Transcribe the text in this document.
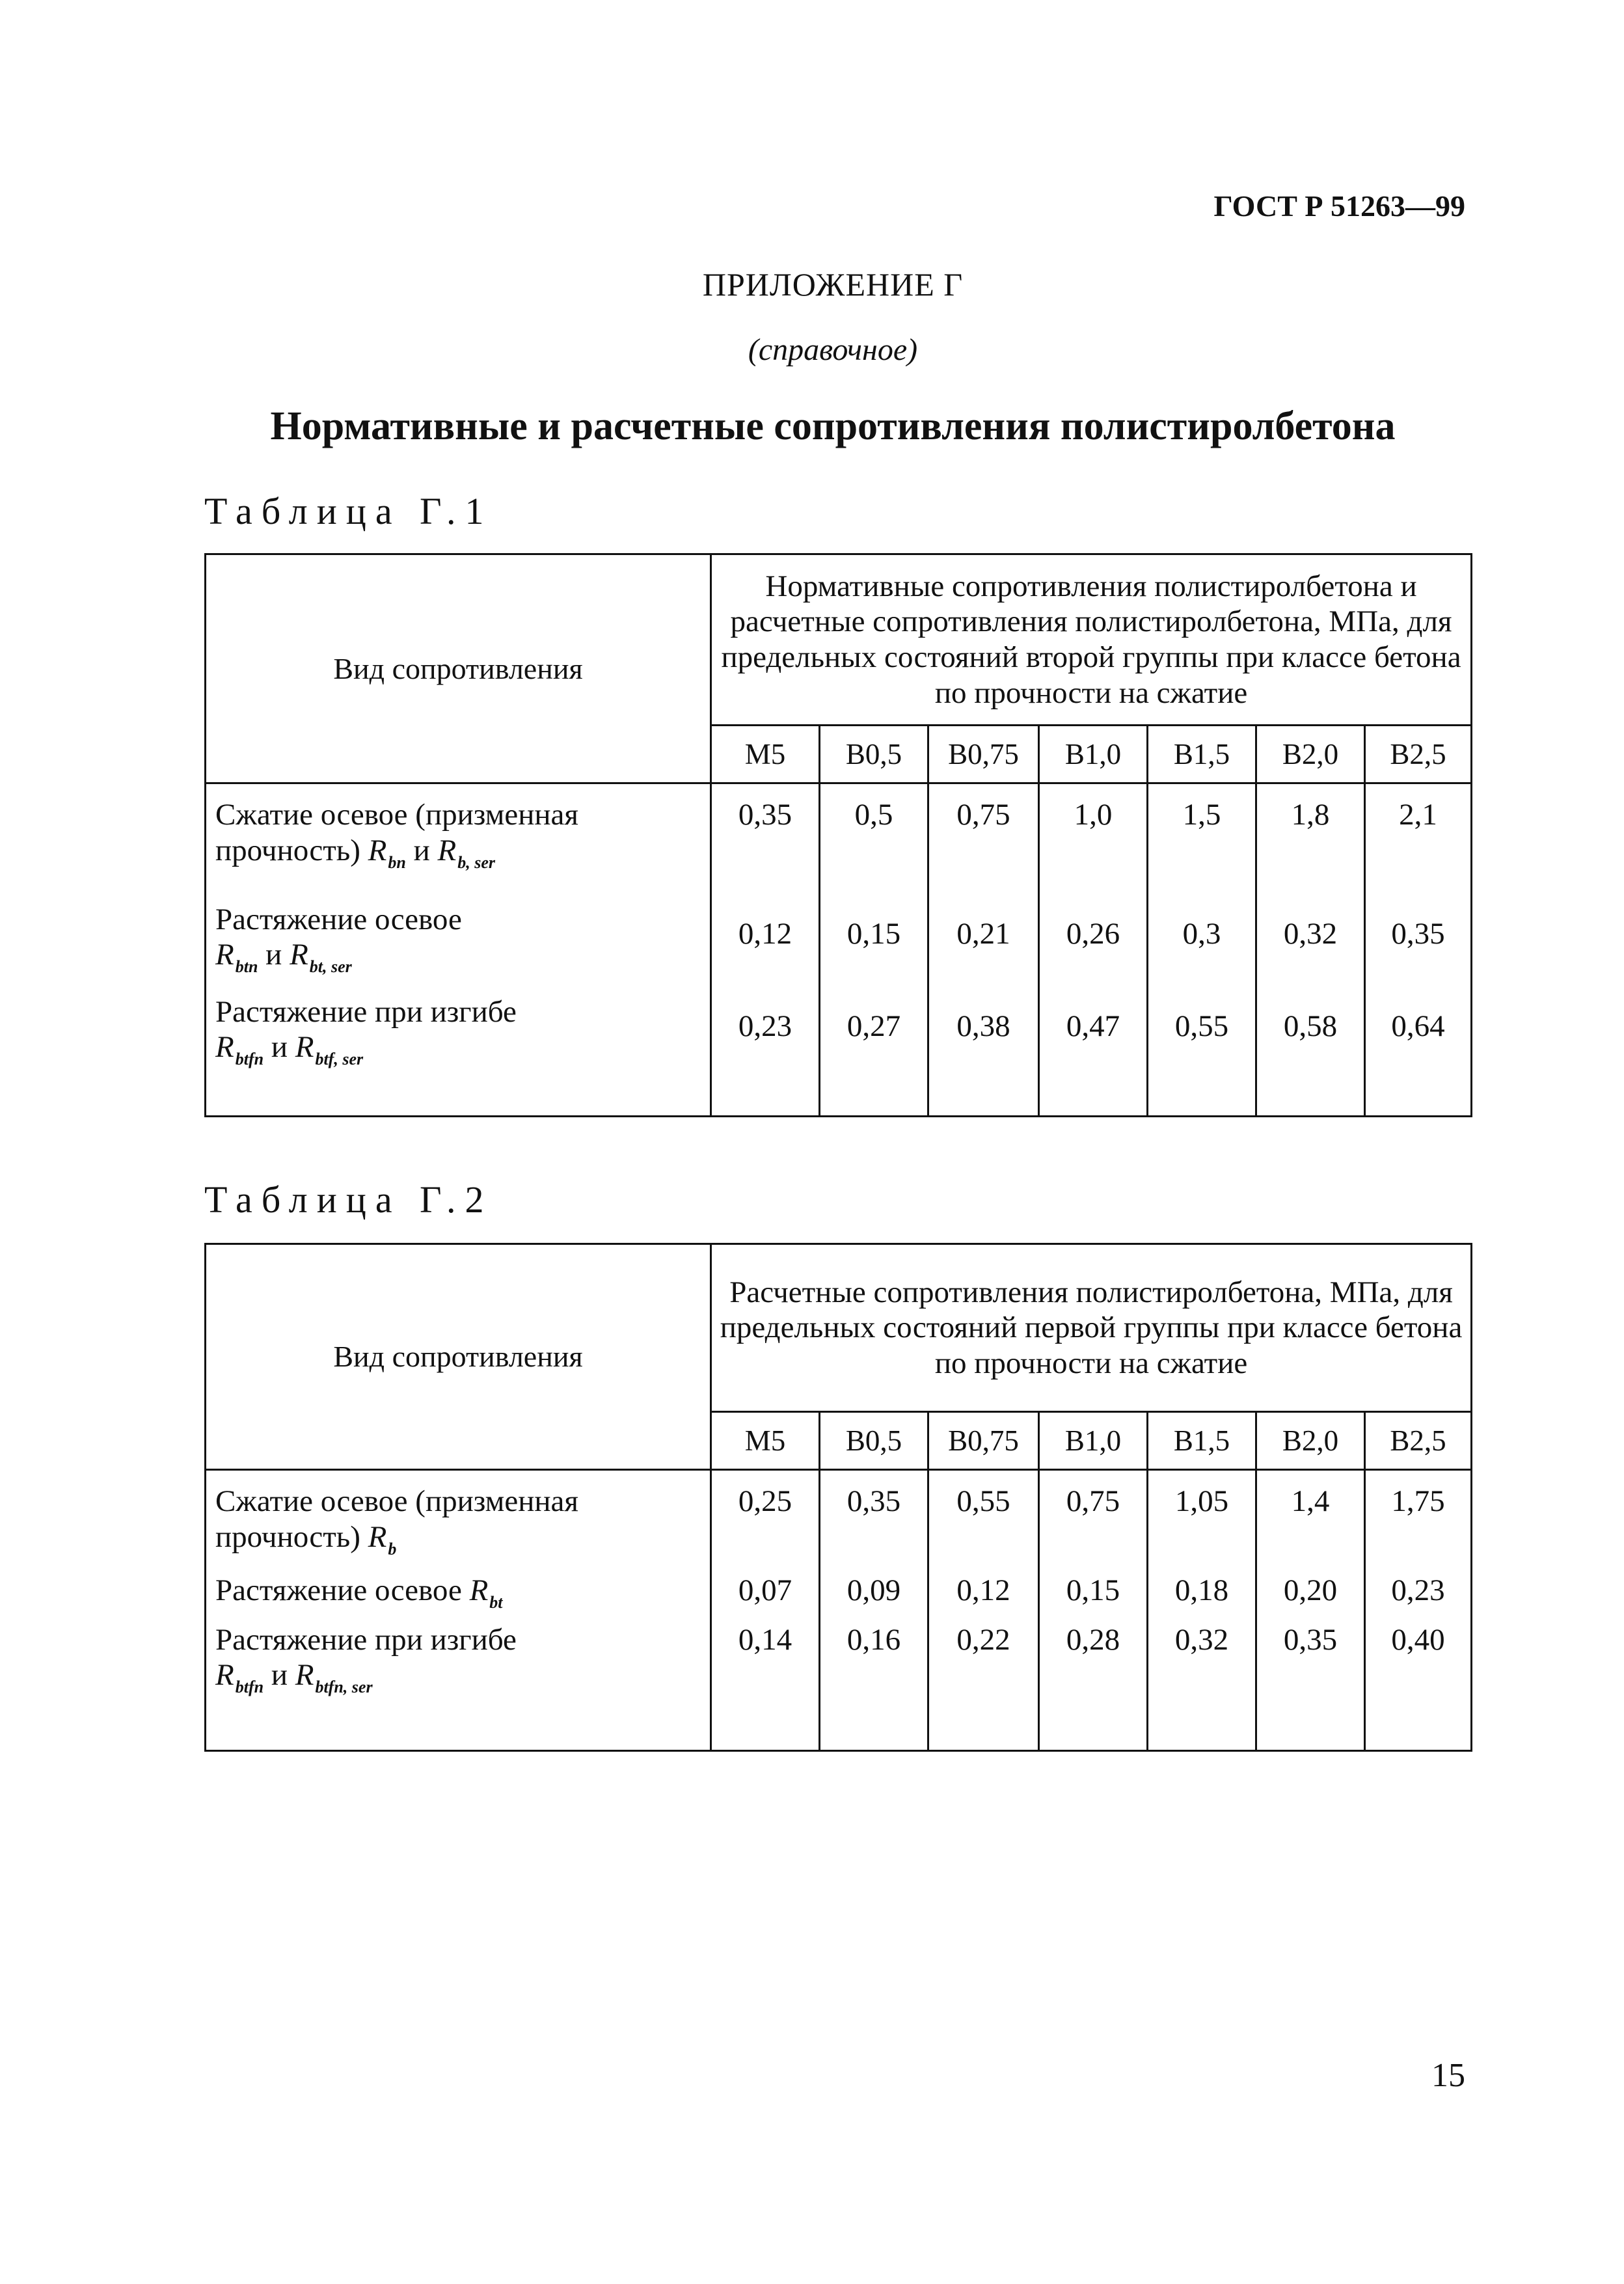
ГОСТ Р 51263—99
ПРИЛОЖЕНИЕ Г
(справочное)
Нормативные и расчетные сопротивления полистиролбетона
Таблица Г.1
Вид сопротивления	Нормативные сопротивления полистиролбетона и расчетные сопротивления полистиролбетона, МПа, для предельных состояний второй группы при классе бетона по прочности на сжатие						
	M5	B0,5	B0,75	B1,0	B1,5	B2,0	B2,5
Сжатие осевое (призменная прочность) $R_{bn}$ и $R_{b, ser}$	0,35	0,5	0,75	1,0	1,5	1,8	2,1
Растяжение осевое
$R_{btn}$ и $R_{bt, ser}$	0,12	0,15	0,21	0,26	0,3	0,32	0,35
Растяжение при изгибе
$R_{btfn}$ и $R_{btf, ser}$	0,23	0,27	0,38	0,47	0,55	0,58	0,64
Таблица Г.2
Вид сопротивления	Расчетные сопротивления полистиролбетона, МПа, для предельных состояний первой группы при классе бетона по прочности на сжатие						
	M5	B0,5	B0,75	B1,0	B1,5	B2,0	B2,5
Сжатие осевое (призменная прочность) $R_b$	0,25	0,35	0,55	0,75	1,05	1,4	1,75
Растяжение осевое $R_{bt}$	0,07	0,09	0,12	0,15	0,18	0,20	0,23
Растяжение при изгибе
$R_{btfn}$ и $R_{btfn, ser}$	0,14	0,16	0,22	0,28	0,32	0,35	0,40
15
